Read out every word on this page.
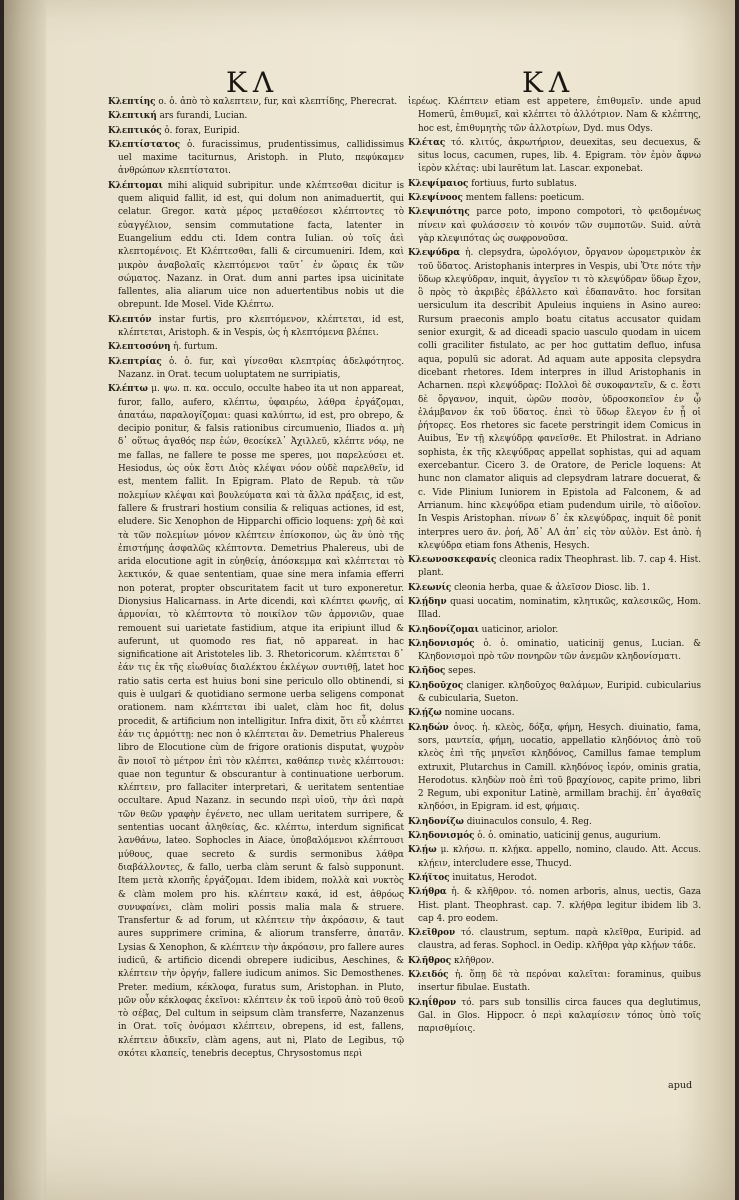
ΚΛ	ΚΛ

Κλεπτίης ο. ὁ. ἀπὸ τὸ καλεπτειν, fur, καὶ κλεπτίδης, Pherecrat.

Κλεπτική ars furandi, Lucian.

Κλεπτικός ὁ. forax, Euripid.

Κλεπτίστατος ὁ. furacissimus, prudentissimus, callidissimus uel maxime taciturnus, Aristoph. in Pluto, πεφύκαμεν ἀνθρώπων κλεπτίστατοι.

Κλέπτομαι mihi aliquid subripitur. unde κλέπτεσθαι dicitur is quem aliquid fallit, id est, qui dolum non animaduertit, qui celatur. Gregor. κατὰ μέρος μεταθέσεσι κλέπτοντες τὸ εὐαγγέλιον, sensim commutatione facta, latenter in Euangelium eddu cti. Idem contra Iulian. οὐ τοῖς ἀεὶ κλεπτομένοις. Et Κλέπτεσθαι, falli & circumueniri. Idem, καὶ μικρὸν ἀναβολαῖς κλεπτόμενοι ταῦτ᾽ ἐν ὥραις ἐκ τῶν σώματος. Nazanz. in Orat. dum anni partes ipsa uicinitate fallentes, alia aliarum uice non aduertentibus nobis ut die obrepunt. Ide Mosel. Vide Κλέπτω.

Κλεπτόν instar furtis, pro κλεπτόμενον, κλέπτεται, id est, κλέπτεται, Aristoph. & in Vespis, ὡς ἡ κλεπτόμενα βλέπει.

Κλεπτοσύνη ἡ. furtum.

Κλεπτρίας ὁ. ὁ. fur, καὶ γίνεσθαι κλεπτρίας ἀδελφότητος. Nazanz. in Orat. tecum uoluptatem ne surripiatis,

Κλέπτω μ. ψω. π. κα. occulo, occulte habeo ita ut non appareat, furor, fallo, aufero, κλέπτω, ὑφαιρέω, λάθρα ἐργάζομαι, ἀπατάω, παραλογίζομαι: quasi καλύπτω, id est, pro obrepo, & decipio ponitur, & falsis rationibus circumuenio, Iliados α. μὴ δ᾽ οὕτως ἀγαθός περ ἐών, θεοείκελ᾽ Ἀχιλλεῦ, κλέπτε νόῳ, ne me fallas, ne fallere te posse me speres, μοι παρελεύσει et. Hesiodus, ὡς οὐκ ἔστι Διὸς κλέψαι νόον οὐδὲ παρελθεῖν, id est, mentem fallit. In Epigram. Plato de Repub. τὰ τῶν πολεμίων κλέψαι καὶ βουλεύματα καὶ τὰ ἄλλα πράξεις, id est, fallere & frustrari hostium consilia & reliquas actiones, id est, eludere. Sic Xenophon de Hipparchi officio loquens: χρὴ δὲ καὶ τὰ τῶν πολεμίων μόνον κλέπτειν ἐπίσκοπον, ὡς ἂν ὑπὸ τῆς ἐπιστήμης ἀσφαλῶς κλέπτοντα. Demetrius Phalereus, ubi de arida elocutione agit in εὐηθείᾳ, ἀπόσκεμμα καὶ κλέπτεται τὸ λεκτικόν, & quae sententiam, quae sine mera infamia efferri non poterat, propter obscuritatem facit ut turo exponeretur. Dionysius Halicarnass. in Arte dicendi, καὶ κλέπτει φωνῆς, αἱ ἀρμονίαι, τὸ κλέπτοντα τὸ ποικίλον τῶν ἀρμονιῶν, quae remouent sui uarietate fastidium, atque ita eripiunt illud & auferunt, ut quomodo res fiat, nō appareat. in hac significatione ait Aristoteles lib. 3. Rhetoricorum. κλέπτεται δ᾽ ἐάν τις ἐκ τῆς εἰωθυίας διαλέκτου ἐκλέγων συντιθῇ, latet hoc ratio satis certa est huius boni sine periculo ollo obtinendi, si quis è uulgari & quotidiano sermone uerba seligens componat orationem. nam κλέπτεται ibi ualet, clàm hoc fit, dolus procedit, & artificium non intelligitur. Infra dixit, ὅτι εὖ κλέπτει ἐάν τις ἁρμόττῃ: nec non ὁ κλέπτεται ἂν. Demetrius Phalereus libro de Elocutione cùm de frigore orationis disputat, ψυχρὸν ἂν ποιοῖ τὸ μέτρον ἐπὶ τὸν κλέπτει, καθάπερ τινὲς κλέπτουσι: quae non teguntur & obscurantur à continuatione uerborum. κλέπτειν, pro fallaciter interpretari, & ueritatem sententiae occultare. Apud Nazanz. in secundo περὶ υἱοῦ, τὴν ἀεὶ παρὰ τῶν θεῶν γραφὴν ἐγένετο, nec ullam ueritatem surripere, & sententias uocant ἀληθείας, &c. κλέπτω, interdum significat λανθάνω, lateo. Sophocles in Aiace, ὑποβαλόμενοι κλέπτουσι μύθους, quae secreto & surdis sermonibus λάθρα διαβάλλοντες, & fallo, uerba clàm serunt & falsò supponunt. Item μετὰ κλοπῆς ἐργάζομαι. Idem ibidem, πολλὰ καὶ νυκτὸς & clàm molem pro his. κλέπτειν κακά, id est, ἀθρόως συνυφαίνει, clàm moliri possis malia mala & struere. Transfertur & ad forum, ut κλέπτειν τὴν ἀκρόασιν, & taut aures supprimere crimina, & aliorum transferre, ἀπατᾶν. Lysias & Xenophon, & κλέπτειν τὴν ἀκρόασιν, pro fallere aures iudicū, & artificio dicendi obrepere iudicibus, Aeschines, & κλέπτειν τὴν ὀργήν, fallere iudicum animos. Sic Demosthenes. Preter. medium, κέκλοφα, furatus sum, Aristophan. in Pluto, μῶν οὖν κέκλοφας ἐκεῖνοι: κλέπτειν ἐκ τοῦ ἱεροῦ ἀπὸ τοῦ θεοῦ τὸ σέβας, Del cultum in seipsum clàm transferre, Nazanzenus in Orat. τοῖς ὀνόμασι κλέπτειν, obrepens, id est, fallens, κλέπτειν ἀδικεῖν, clàm agens, aut ni, Plato de Legibus, τῷ σκότει κλαπείς, tenebris deceptus, Chrysostomus περὶ

ἱερέως. Κλέπτειν etiam est appetere, ἐπιθυμεῖν. unde apud Homerū, ἐπιθυμεῖ, καὶ κλέπτει τὸ ἀλλότριον. Nam & κλέπτης, hoc est, ἐπιθυμητὴς τῶν ἀλλοτρίων, Dyd. mus Odys.

Κλέτας τό. κλιτύς, ἀκρωτήριον, deuexitas, seu decuexus, & situs locus, cacumen, rupes, lib. 4. Epigram. τὸν ἐμὸν ἄφνω ἱερὸν κλέτας: ubi laurētum lat. Lascar. exponebat.

Κλεψίμαιος fortiuus, furto sublatus.

Κλεψίνοος mentem fallens: poeticum.

Κλεψιπότης parce poto, impono compotori, τὸ φειδομένως πίνειν καὶ φυλάσσειν τὸ κοινόν τῶν συμποτῶν. Suid. αὐτὰ γὰρ κλεψιπότας ὡς σωφρονοῦσα.

Κλεψύδρα ἡ. clepsydra, ὡρολόγιον, ὄργανον ὡρομετρικὸν ἐκ τοῦ ὕδατος. Aristophanis interpres in Vespis, ubi Ὅτε πότε τὴν ὕδωρ κλεψύδραν, inquit, ἀγγεῖον τι τὸ κλεψύδραν ὕδωρ ἔχον, ὃ πρὸς τὸ ἀκριβὲς ἐβάλλετο καὶ ἐδαπανᾶτο. hoc forsitan uersiculum ita describit Apuleius inquiens in Asino aureo: Rursum praeconis amplo boatu citatus accusator quidam senior exurgit, & ad diceadi spacio uasculo quodam in uicem colli graciliter fistulato, ac per hoc guttatim defluo, infusa aqua, populū sic adorat. Ad aquam aute apposita clepsydra dicebant rhetores. Idem interpres in illud Aristophanis in Acharnen. περὶ κλεψύδρας: Πολλοὶ δὲ συκοφαντεῖν, & c. ἔστι δὲ ὄργανον, inquit, ὡρῶν ποσὸν, ὑδροσκοπεῖον ἐν ᾧ ἐλάμβανον ἐκ τοῦ ὕδατος. ἐπεὶ τὸ ὕδωρ ἔλεγον ἐν ᾗ οἱ ῥήτορες. Eos rhetores sic facete perstringit idem Comicus in Auibus, Ἐν τῇ κλεψύδρᾳ φανεῖσθε. Et Philostrat. in Adriano sophista, ἐκ τῆς κλεψύδρας appellat sophistas, qui ad aquam exercebantur. Cicero 3. de Oratore, de Pericle loquens: At hunc non clamator aliquis ad clepsydram latrare docuerat, & c. Vide Plinium Iuniorem in Epistola ad Falconem, & ad Arrianum. hinc κλεψύδρα etiam pudendum uirile, τὸ αἰδοῖον. In Vespis Aristophan. πίνων δ᾽ ἐκ κλεψύδρας, inquit δὲ ponit interpres uero ᾶν. ῥοή, Ἀδ᾽ ΑΛ ἀπ᾽ εἰς τὸν αὐλὸν. Est ἀπὸ. ἡ κλεψύδρα etiam fons Athenis, Hesych.

Κλεωνοσκεφανίς cleonica radix Theophrast. lib. 7. cap 4. Hist. plant.

Κλεωνίς cleonia herba, quae & ἀλεῖσον Diosc. lib. 1.

Κλῄδην quasi uocatim, nominatim, κλητικῶς, καλεσικῶς, Hom. Illad.

Κληδονίζομαι uaticinor, ariolor.

Κληδονισμός ὁ. ὁ. ominatio, uaticinij genus, Lucian. & Κληδονισμοὶ πρὸ τῶν πονηρῶν τῶν ἀνεμῶν κληδονίσματι.

Κλῆδος sepes.

Κληδοῦχος claniger. κληδοῦχος θαλάμων, Euripid. cubicularius & cubicularia, Sueton.

Κλῄζω nomine uocans.

Κληδών ὁνος. ἡ. κλεὸς, δόξα, φήμη, Hesych. diuinatio, fama, sors, μαντεία, φήμη, uocatio, appellatio κληδόνιος ἀπὸ τοῦ κλεὸς ἐπὶ τῆς μηνεῖσι κληδόνος, Camillus famae templum extruxit, Plutarchus in Camill. κληδόνος ἱερόν, ominis gratia, Herodotus. κληδὼν ποὸ ἐπὶ τοῦ βραχίονος, capite primo, libri 2 Regum, ubi exponitur Latinè, armillam brachij. ἐπ᾽ ἀγαθαῖς κληδόσι, in Epigram. id est, φήμαις.

Κληδονίζω diuinaculos consulo, 4. Reg.

Κληδονισμός ὁ. ὁ. ominatio, uaticinij genus, augurium.

Κλῄω μ. κλήσω. π. κλῄκα. appello, nomino, claudo. Att. Accus. κλῄειν, intercludere esse, Thucyd.

Κλήϊτος inuitatus, Herodot.

Κλήθρα ἡ. & κλῆθρον. τό. nomen arboris, alnus, uectis, Gaza Hist. plant. Theophrast. cap. 7. κλήθρα legitur ibidem lib 3. cap 4. pro eodem.

Κλεῖθρον τό. claustrum, septum. παρὰ κλεῖθρα, Euripid. ad claustra, ad feras. Sophocl. in Oedip. κλῆθρα γὰρ κλῄων τάδε.

Κλῆθρος κλῆθρον.

Κλειδός ἡ. ὅπῃ δὲ τὰ περόναι καλεῖται: foraminus, quibus insertur fibulae. Eustath.

Κληΐθρον τό. pars sub tonsillis circa fauces qua deglutimus, Gal. in Glos. Hippocr. ὁ περὶ καλαμίσειν τόπος ὑπὸ τοῖς παρισθμίοις.

apud
